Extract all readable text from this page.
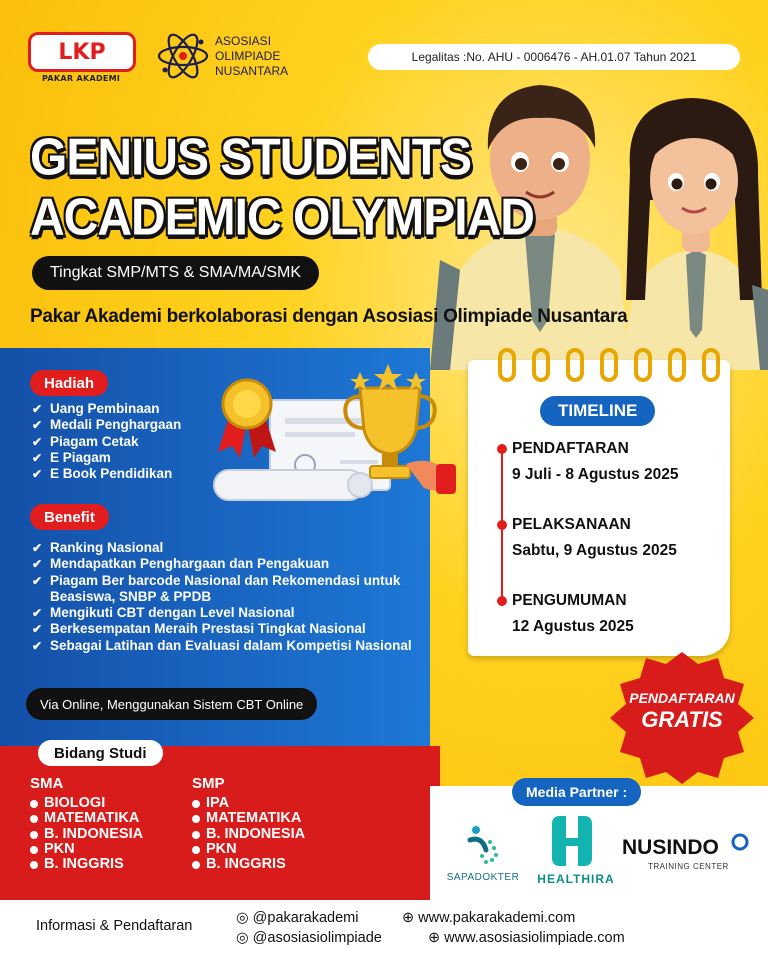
LKP
PAKAR AKADEMI
ASOSIASI
OLIMPIADE
NUSANTARA
Legalitas :No. AHU - 0006476 - AH.01.07 Tahun 2021
GENIUS STUDENTS
ACADEMIC OLYMPIAD
Tingkat SMP/MTS & SMA/MA/SMK
Pakar Akademi berkolaborasi dengan Asosiasi Olimpiade Nusantara
Hadiah
✔ Uang Pembinaan
✔ Medali Penghargaan
✔ Piagam Cetak
✔ E Piagam
✔ E Book Pendidikan
Benefit
✔ Ranking Nasional
✔ Mendapatkan Penghargaan dan Pengakuan
✔ Piagam Ber barcode Nasional dan Rekomendasi untuk Beasiswa, SNBP & PPDB
✔ Mengikuti CBT dengan Level Nasional
✔ Berkesempatan Meraih Prestasi Tingkat Nasional
✔ Sebagai Latihan dan Evaluasi dalam Kompetisi Nasional
Via Online, Menggunakan Sistem CBT Online
Bidang Studi
SMA
BIOLOGI
MATEMATIKA
B. INDONESIA
PKN
B. INGGRIS
SMP
IPA
MATEMATIKA
B. INDONESIA
PKN
B. INGGRIS
TIMELINE
PENDAFTARAN
9 Juli - 8 Agustus 2025
PELAKSANAAN
Sabtu, 9 Agustus 2025
PENGUMUMAN
12 Agustus 2025
PENDAFTARAN
GRATIS
Media Partner :
SAPADOKTER	HEALTHIRA
NUSINDO
TRAINING CENTER
Informasi & Pendaftaran	◎ @pakarakademi
◎ @asosiasiolimpiade
⊕ www.pakarakademi.com
⊕ www.asosiasiolimpiade.com
